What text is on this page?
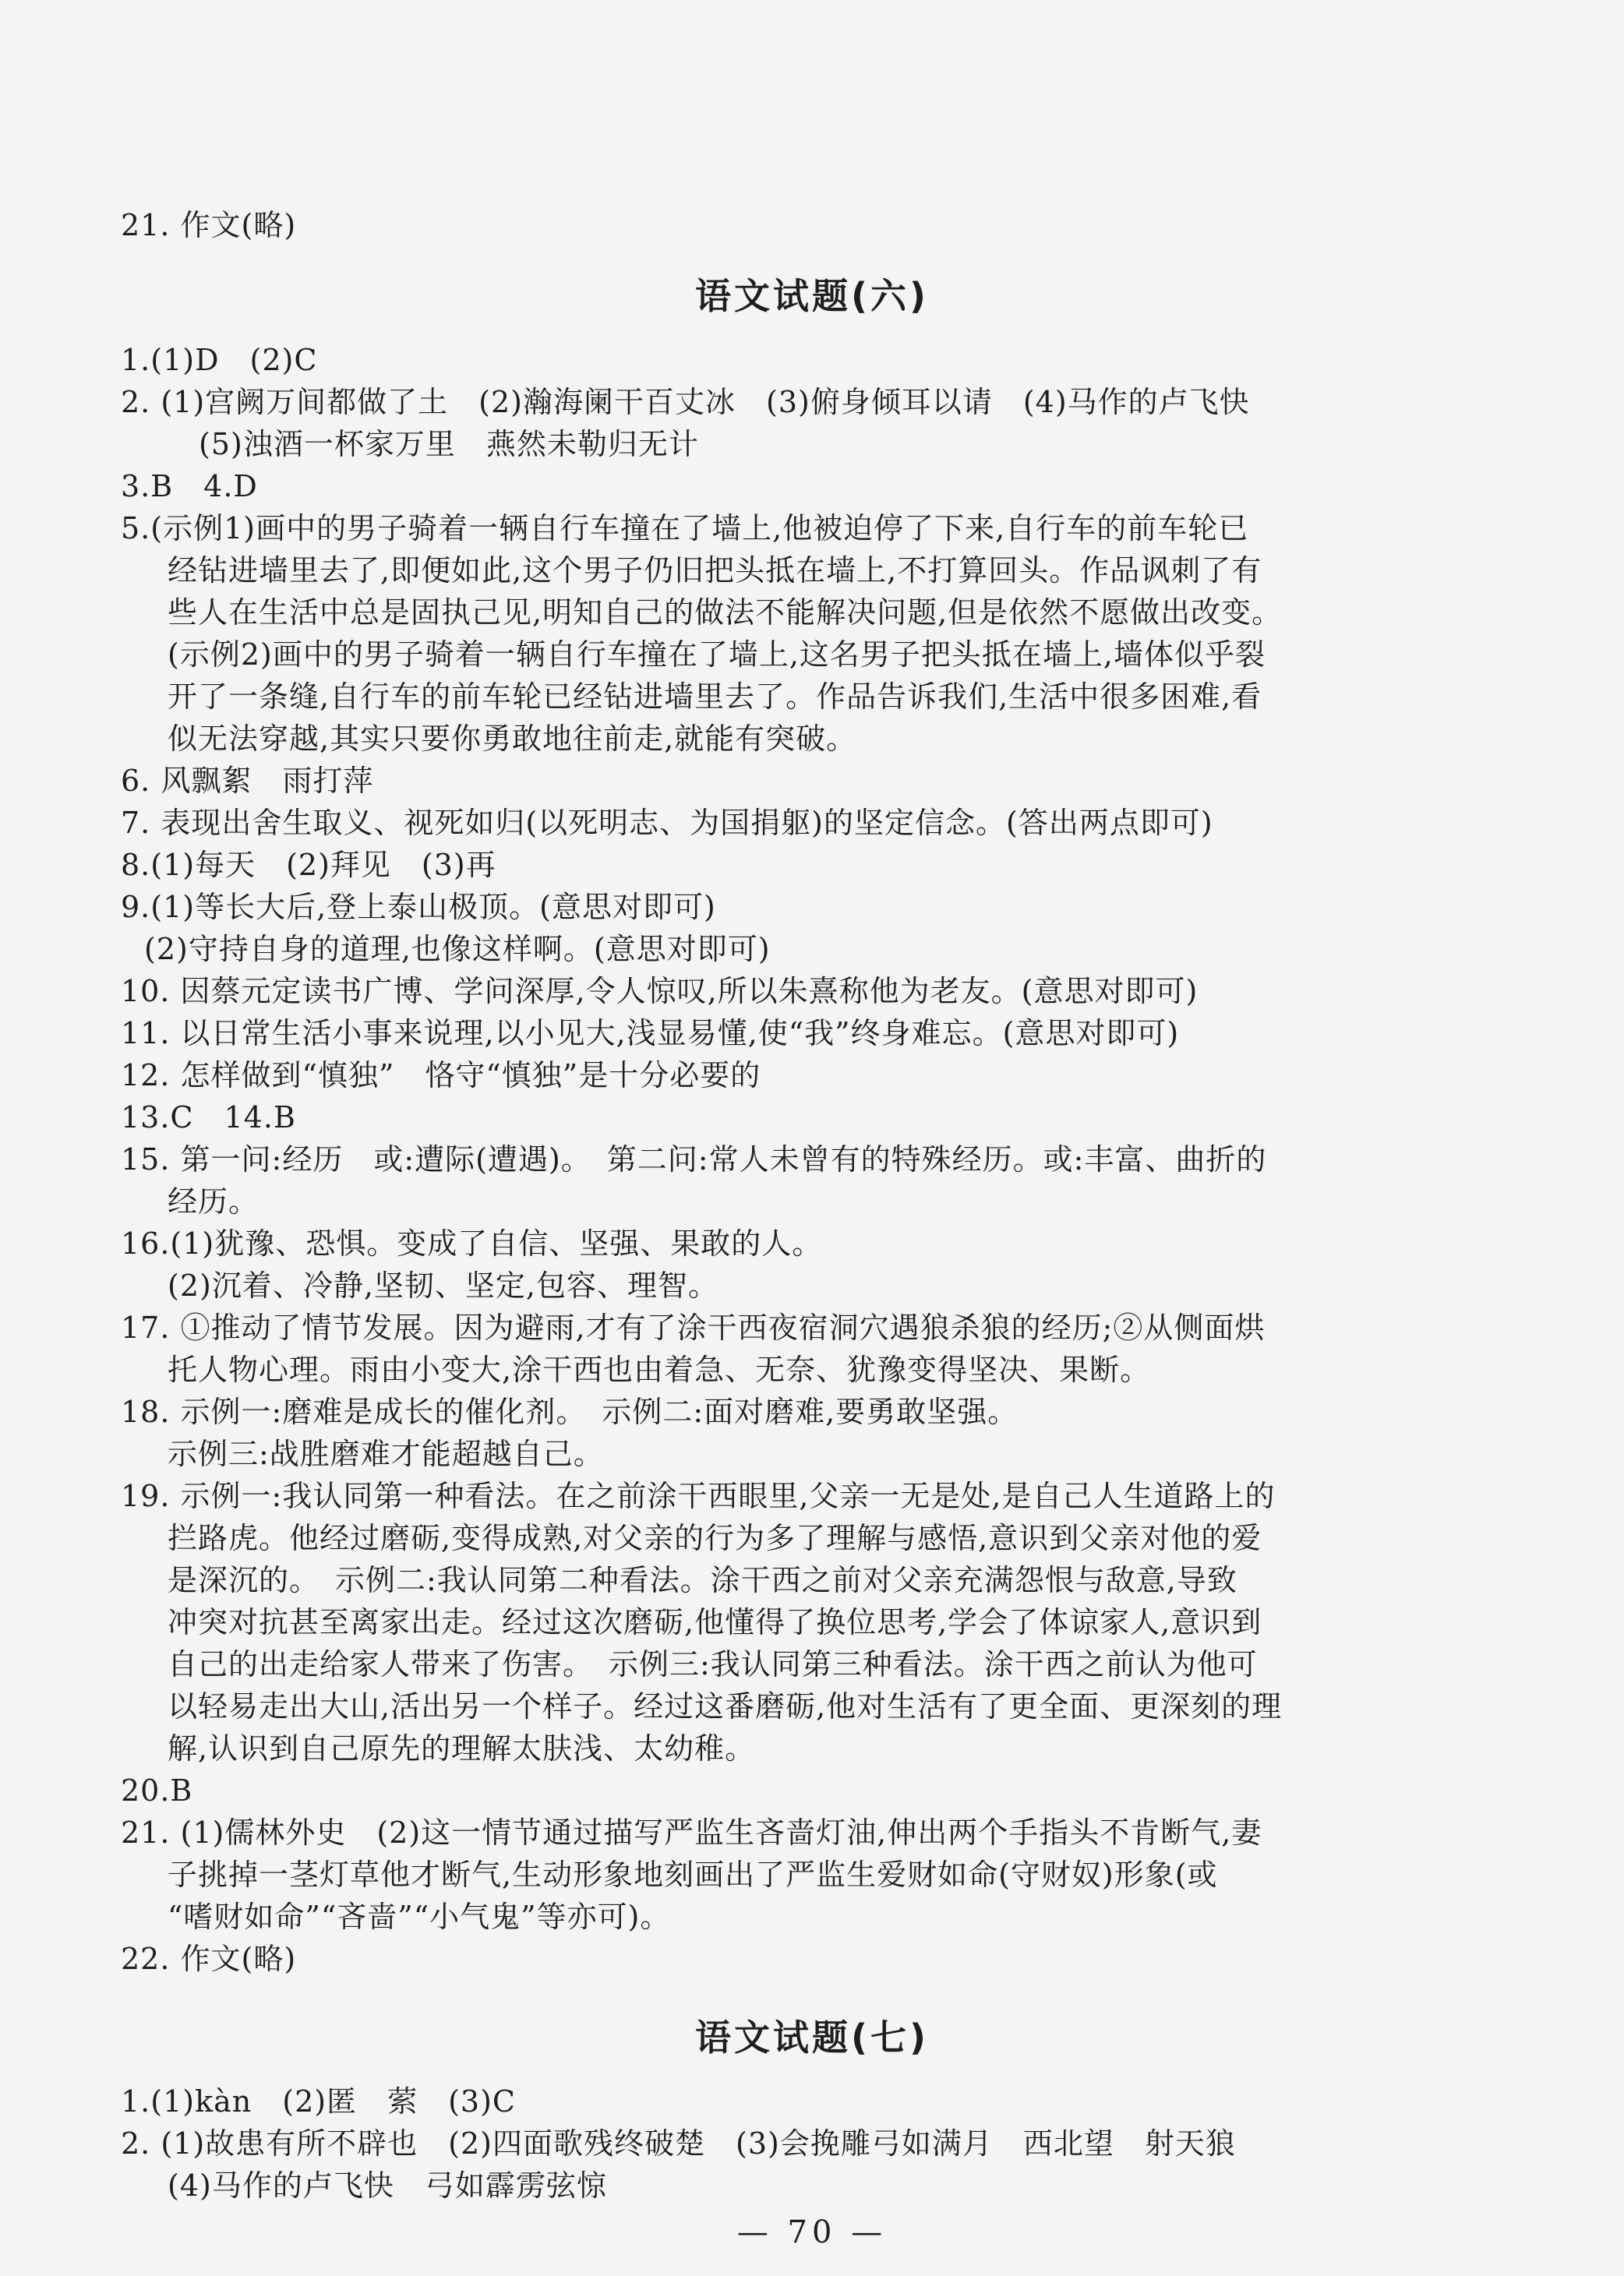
21. 作文(略)
语文试题(六)
1.(1)D　(2)C
2. (1)宫阙万间都做了土　(2)瀚海阑干百丈冰　(3)俯身倾耳以请　(4)马作的卢飞快
(5)浊酒一杯家万里　燕然未勒归无计
3.B　4.D
5.(示例1)画中的男子骑着一辆自行车撞在了墙上,他被迫停了下来,自行车的前车轮已
经钻进墙里去了,即便如此,这个男子仍旧把头抵在墙上,不打算回头。作品讽刺了有
些人在生活中总是固执己见,明知自己的做法不能解决问题,但是依然不愿做出改变。
(示例2)画中的男子骑着一辆自行车撞在了墙上,这名男子把头抵在墙上,墙体似乎裂
开了一条缝,自行车的前车轮已经钻进墙里去了。作品告诉我们,生活中很多困难,看
似无法穿越,其实只要你勇敢地往前走,就能有突破。
6. 风飘絮　雨打萍
7. 表现出舍生取义、视死如归(以死明志、为国捐躯)的坚定信念。(答出两点即可)
8.(1)每天　(2)拜见　(3)再
9.(1)等长大后,登上泰山极顶。(意思对即可)
(2)守持自身的道理,也像这样啊。(意思对即可)
10. 因蔡元定读书广博、学问深厚,令人惊叹,所以朱熹称他为老友。(意思对即可)
11. 以日常生活小事来说理,以小见大,浅显易懂,使“我”终身难忘。(意思对即可)
12. 怎样做到“慎独”　恪守“慎独”是十分必要的
13.C　14.B
15. 第一问:经历　或:遭际(遭遇)。　第二问:常人未曾有的特殊经历。或:丰富、曲折的
经历。
16.(1)犹豫、恐惧。变成了自信、坚强、果敢的人。
(2)沉着、冷静,坚韧、坚定,包容、理智。
17. ①推动了情节发展。因为避雨,才有了涂干西夜宿洞穴遇狼杀狼的经历;②从侧面烘
托人物心理。雨由小变大,涂干西也由着急、无奈、犹豫变得坚决、果断。
18. 示例一:磨难是成长的催化剂。　示例二:面对磨难,要勇敢坚强。
示例三:战胜磨难才能超越自己。
19. 示例一:我认同第一种看法。在之前涂干西眼里,父亲一无是处,是自己人生道路上的
拦路虎。他经过磨砺,变得成熟,对父亲的行为多了理解与感悟,意识到父亲对他的爱
是深沉的。　示例二:我认同第二种看法。涂干西之前对父亲充满怨恨与敌意,导致
冲突对抗甚至离家出走。经过这次磨砺,他懂得了换位思考,学会了体谅家人,意识到
自己的出走给家人带来了伤害。　示例三:我认同第三种看法。涂干西之前认为他可
以轻易走出大山,活出另一个样子。经过这番磨砺,他对生活有了更全面、更深刻的理
解,认识到自己原先的理解太肤浅、太幼稚。
20.B
21. (1)儒林外史　(2)这一情节通过描写严监生吝啬灯油,伸出两个手指头不肯断气,妻
子挑掉一茎灯草他才断气,生动形象地刻画出了严监生爱财如命(守财奴)形象(或
“嗜财如命”“吝啬”“小气鬼”等亦可)。
22. 作文(略)
语文试题(七)
1.(1)kàn　(2)匿　萦　(3)C
2. (1)故患有所不辟也　(2)四面歌残终破楚　(3)会挽雕弓如满月　西北望　射天狼
(4)马作的卢飞快　弓如霹雳弦惊
— 70 —
